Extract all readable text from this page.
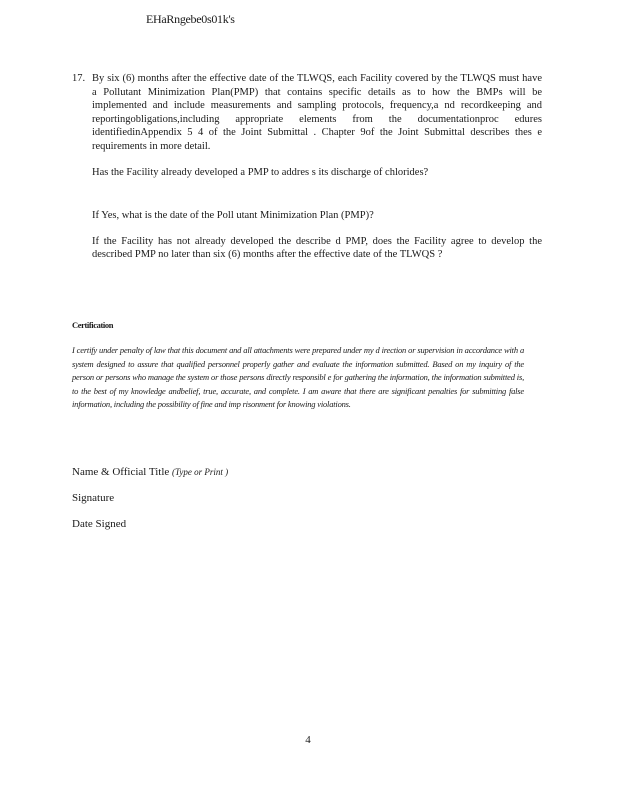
EHaRngebe0s01k's
17. By six (6) months after the effective date of the TLWQS, each Facility covered by the TLWQS must have a Pollutant Minimization Plan(PMP) that contains specific details as to how the BMPs will be implemented and include measurements and sampling protocols, frequency,a nd recordkeeping and reportingobligations,including appropriate elements from the documentationproc edures identifiedinAppendix 5 4 of the Joint Submittal . Chapter 9of the Joint Submittal describes thes e requirements in more detail.

Has the Facility already developed a PMP to addres s its discharge of chlorides?

If Yes, what is the date of the Poll utant Minimization Plan (PMP)?

If the Facility has not already developed the describe d PMP, does the Facility agree to develop the described PMP no later than six (6) months after the effective date of the TLWQS ?

Certification
I certify under penalty of law that this document and all attachments were prepared under my d irection or supervision in accordance with a system designed to assure that qualified personnel properly gather and evaluate the information submitted. Based on my inquiry of the person or persons who manage the system or those persons directly responsibl e for gathering the information, the information submitted is, to the best of my knowledge andbelief, true, accurate, and complete. I am aware that there are significant penalties for submitting false information, including the possibility of fine and imp risonment for knowing violations.
Name & Official Title (Type or Print )
Signature
Date Signed
4
